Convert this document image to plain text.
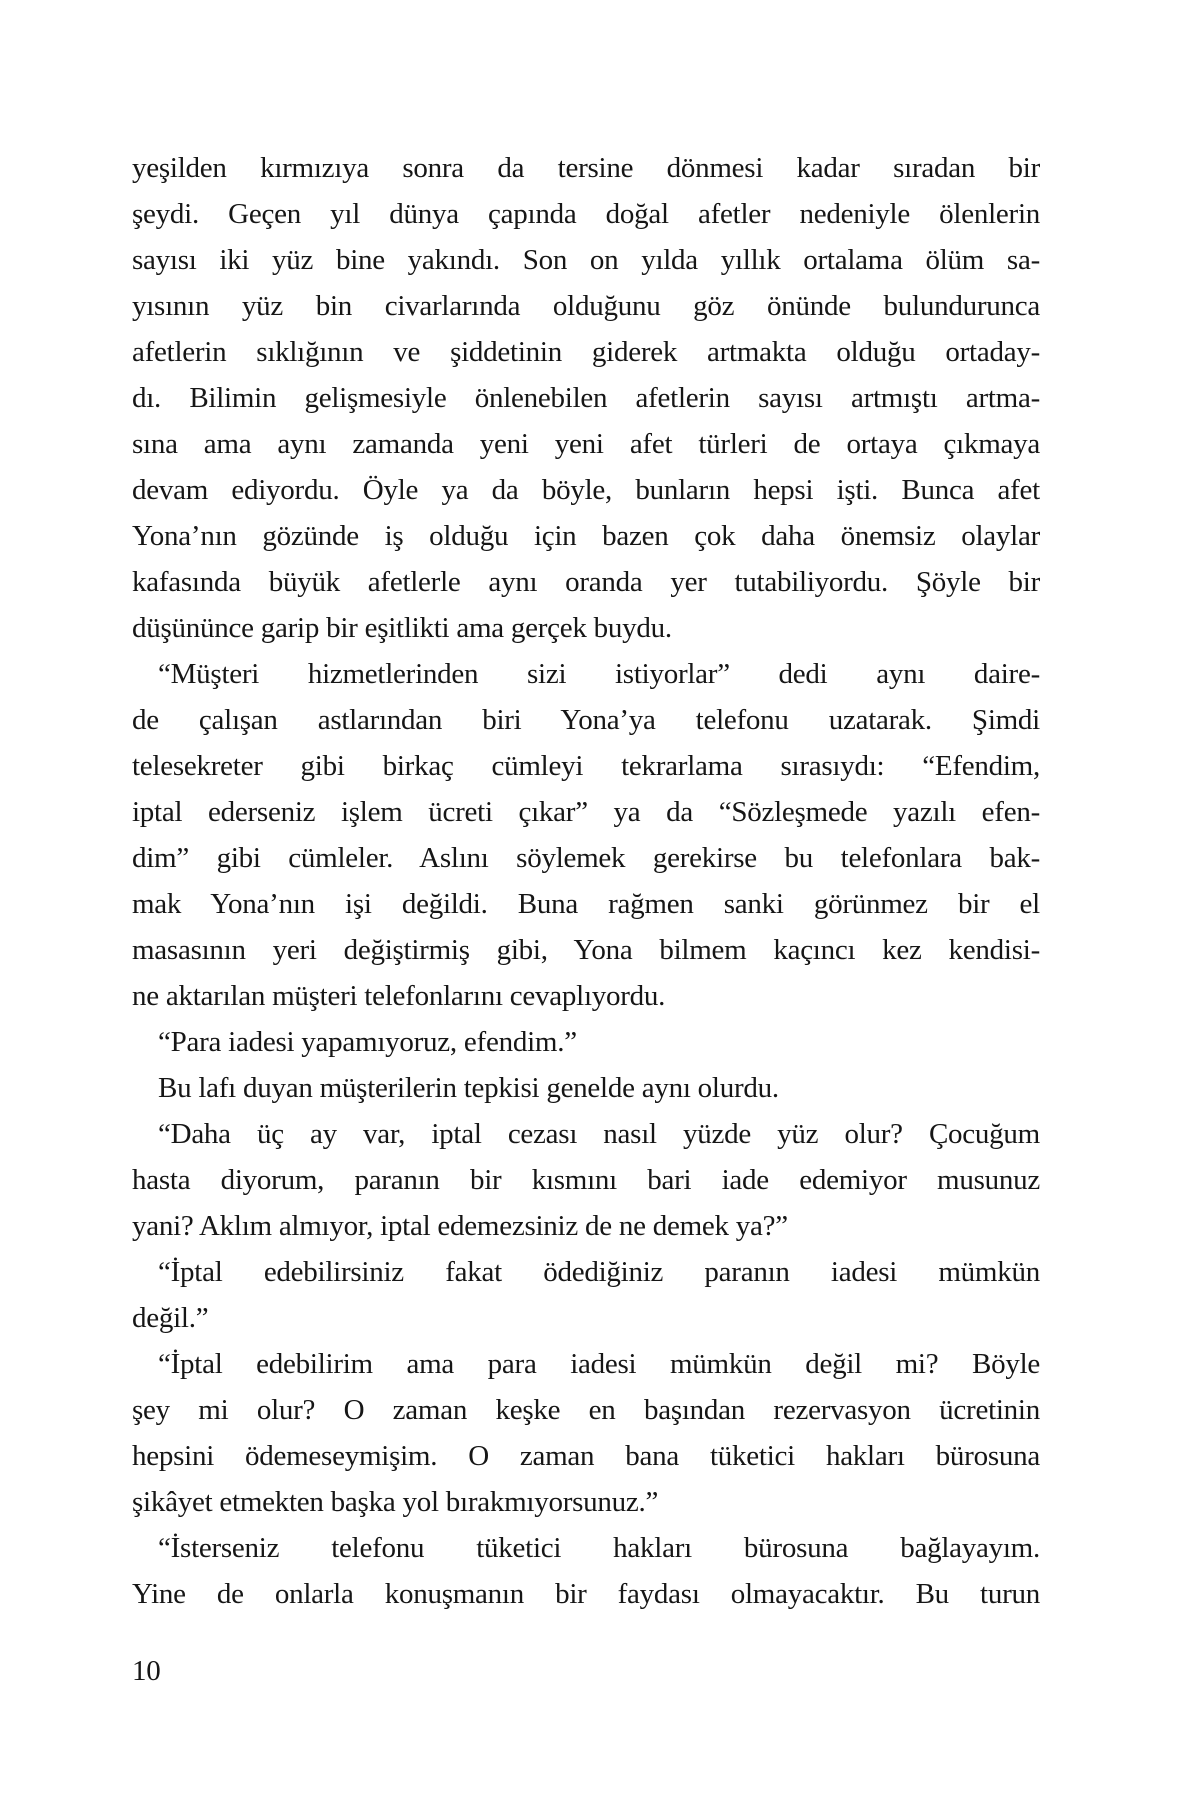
yeşilden kırmızıya sonra da tersine dönmesi kadar sıradan bir
şeydi. Geçen yıl dünya çapında doğal afetler nedeniyle ölenlerin
sayısı iki yüz bine yakındı. Son on yılda yıllık ortalama ölüm sa-
yısının yüz bin civarlarında olduğunu göz önünde bulundurunca
afetlerin sıklığının ve şiddetinin giderek artmakta olduğu ortaday-
dı. Bilimin gelişmesiyle önlenebilen afetlerin sayısı artmıştı artma-
sına ama aynı zamanda yeni yeni afet türleri de ortaya çıkmaya
devam ediyordu. Öyle ya da böyle, bunların hepsi işti. Bunca afet
Yona’nın gözünde iş olduğu için bazen çok daha önemsiz olaylar
kafasında büyük afetlerle aynı oranda yer tutabiliyordu. Şöyle bir
düşününce garip bir eşitlikti ama gerçek buydu.
“Müşteri hizmetlerinden sizi istiyorlar” dedi aynı daire-
de çalışan astlarından biri Yona’ya telefonu uzatarak. Şimdi
telesekreter gibi birkaç cümleyi tekrarlama sırasıydı: “Efendim,
iptal ederseniz işlem ücreti çıkar” ya da “Sözleşmede yazılı efen-
dim” gibi cümleler. Aslını söylemek gerekirse bu telefonlara bak-
mak Yona’nın işi değildi. Buna rağmen sanki görünmez bir el
masasının yeri değiştirmiş gibi, Yona bilmem kaçıncı kez kendisi-
ne aktarılan müşteri telefonlarını cevaplıyordu.
“Para iadesi yapamıyoruz, efendim.”
Bu lafı duyan müşterilerin tepkisi genelde aynı olurdu.
“Daha üç ay var, iptal cezası nasıl yüzde yüz olur? Çocuğum
hasta diyorum, paranın bir kısmını bari iade edemiyor musunuz
yani? Aklım almıyor, iptal edemezsiniz de ne demek ya?”
“İptal edebilirsiniz fakat ödediğiniz paranın iadesi mümkün
değil.”
“İptal edebilirim ama para iadesi mümkün değil mi? Böyle
şey mi olur? O zaman keşke en başından rezervasyon ücretinin
hepsini ödemeseymişim. O zaman bana tüketici hakları bürosuna
şikâyet etmekten başka yol bırakmıyorsunuz.”
“İsterseniz telefonu tüketici hakları bürosuna bağlayayım.
Yine de onlarla konuşmanın bir faydası olmayacaktır. Bu turun
10
